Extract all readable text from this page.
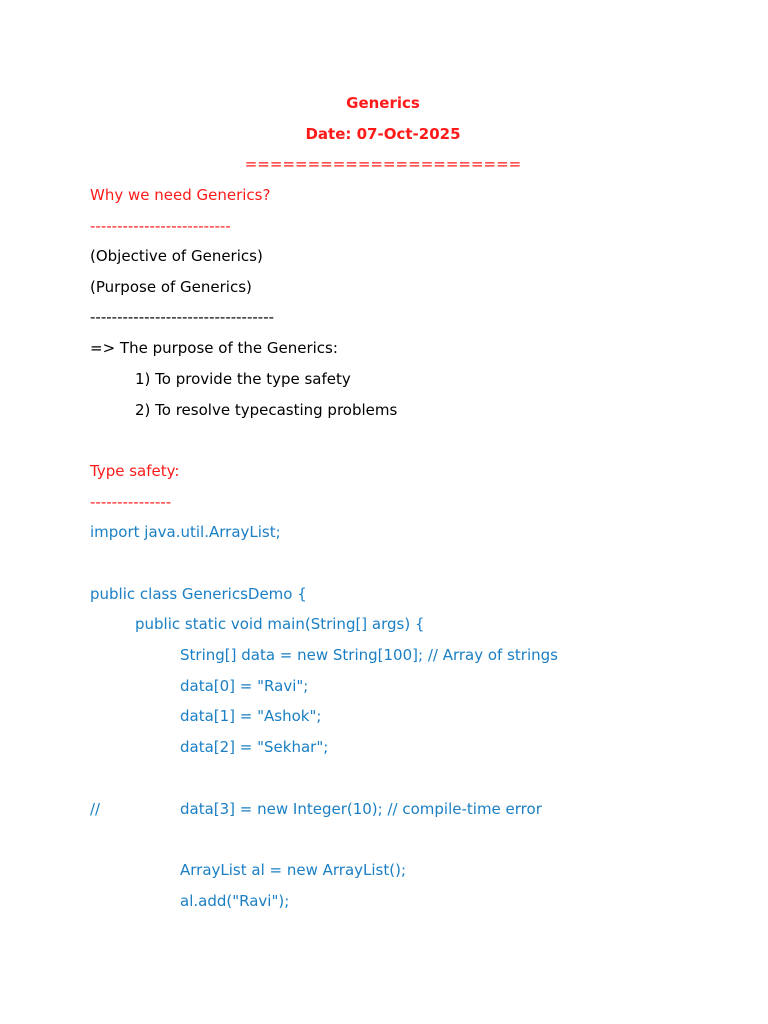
Generics
Date: 07-Oct-2025
======================
Why we need Generics?
--------------------------
(Objective of Generics)
(Purpose of Generics)
----------------------------------
=> The purpose of the Generics:
1) To provide the type safety
2) To resolve typecasting problems
Type safety:
---------------
import java.util.ArrayList;
public class GenericsDemo {
public static void main(String[] args) {
String[] data = new String[100]; // Array of strings
data[0] = "Ravi";
data[1] = "Ashok";
data[2] = "Sekhar";
//	data[3] = new Integer(10); // compile-time error
ArrayList al = new ArrayList();
al.add("Ravi");
